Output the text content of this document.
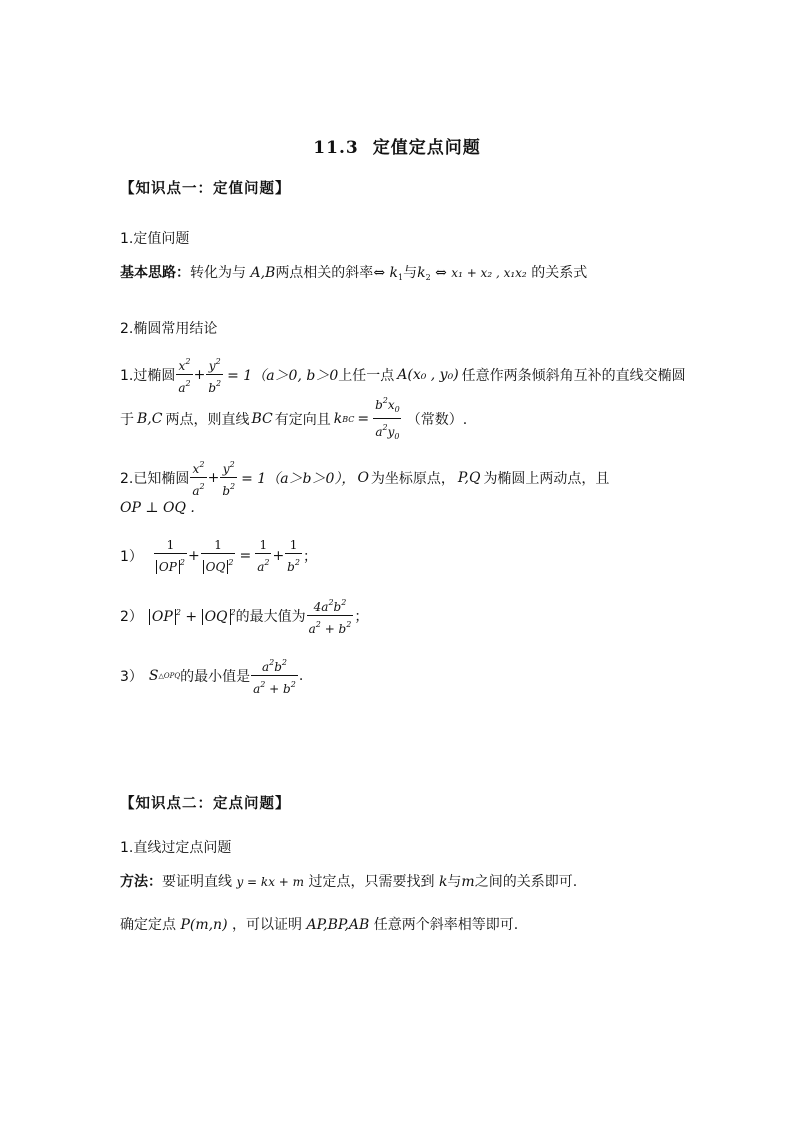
11.3 定值定点问题
【知识点一：定值问题】
1.定值问题
基本思路：转化为与 A,B两点相关的斜率⇔ $k_1$与$k_2$ ⇔ x₁ + x₂ , x₁x₂ 的关系式
2.椭圆常用结论
1.过椭圆 $\frac{x^2}{a^2} + \frac{y^2}{b^2} = 1(a>0$, b＞0 上任一点 A(x₀ , y₀) 任意作两条倾斜角互补的直线交椭圆
于 B,C 两点，则直线 BC 有定向且 k BC = $\frac{b^2x_0}{a^2y_0}$ （常数）.
2.已知椭圆 $\frac{x^2}{a^2} + \frac{y^2}{b^2} = 1(a>b>0)$， O 为坐标原点， P,Q 为椭圆上两动点，且
OP ⊥ OQ .
$1) \frac{1}{OP ^2} + \frac{1}{OQ ^2} = \frac{1}{a^2} + \frac{1}{b^2}$ ；
2） OP $^2$ + OQ $^2$ 的最大值为 $\frac{4a^2b^2}{a^2 + b^2}$ ；
3） S △OPQ 的最小值是 $\frac{a^2b^2}{a^2 + b^2}$ .
【知识点二：定点问题】
1.直线过定点问题
方法：要证明直线 y = kx + m 过定点，只需要找到 k与m之间的关系即可.
确定定点 P(m,n) ，可以证明 AP,BP,AB 任意两个斜率相等即可.
